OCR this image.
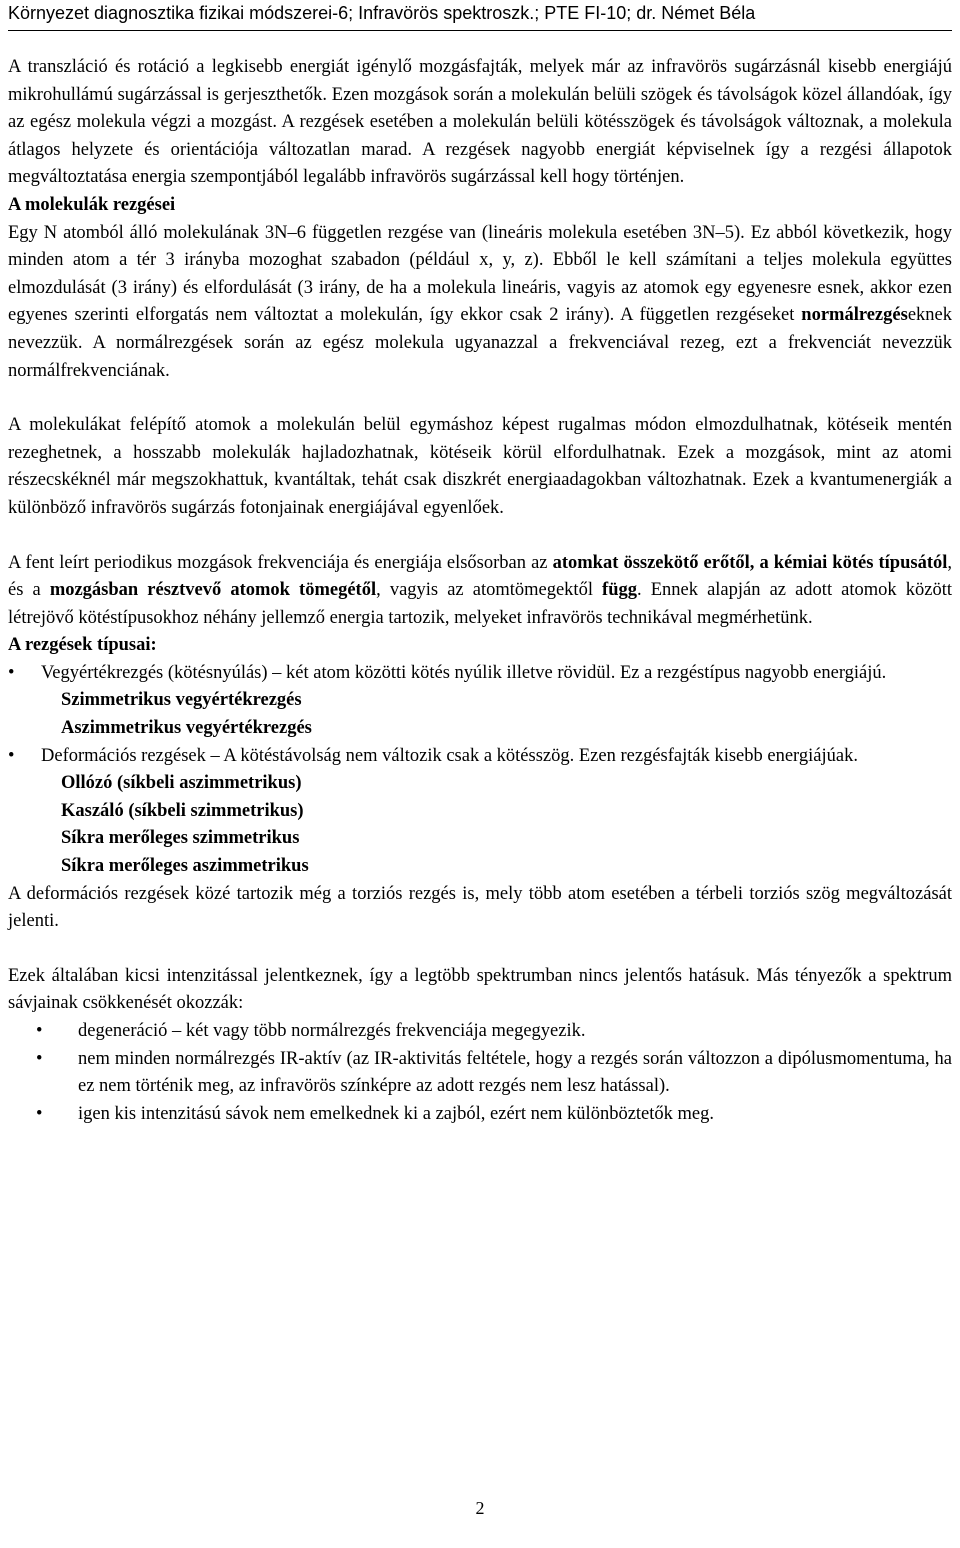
Környezet diagnosztika fizikai módszerei-6; Infravörös spektroszk.; PTE FI-10; dr. Német Béla

A transzláció és rotáció a legkisebb energiát igénylő mozgásfajták, melyek már az infravörös sugárzásnál kisebb energiájú mikrohullámú sugárzással is gerjeszthetők. Ezen mozgások során a molekulán belüli szögek és távolságok közel állandóak, így az egész molekula végzi a mozgást. A rezgések esetében a molekulán belüli kötésszögek és távolságok változnak, a molekula átlagos helyzete és orientációja változatlan marad. A rezgések nagyobb energiát képviselnek így a rezgési állapotok megváltoztatása energia szempontjából legalább infravörös sugárzással kell hogy történjen.

A molekulák rezgései

Egy N atomból álló molekulának 3N–6 független rezgése van (lineáris molekula esetében 3N–5). Ez abból következik, hogy minden atom a tér 3 irányba mozoghat szabadon (például x, y, z). Ebből le kell számítani a teljes molekula együttes elmozdulását (3 irány) és elfordulását (3 irány, de ha a molekula lineáris, vagyis az atomok egy egyenesre esnek, akkor ezen egyenes szerinti elforgatás nem változtat a molekulán, így ekkor csak 2 irány). A független rezgéseket normálrezgéseknek nevezzük. A normálrezgések során az egész molekula ugyanazzal a frekvenciával rezeg, ezt a frekvenciát nevezzük normálfrekvenciának.

A molekulákat felépítő atomok a molekulán belül egymáshoz képest rugalmas módon elmozdulhatnak, kötéseik mentén rezeghetnek, a hosszabb molekulák hajladozhatnak, kötéseik körül elfordulhatnak. Ezek a mozgások, mint az atomi részecskéknél már megszokhattuk, kvantáltak, tehát csak diszkrét energiaadagokban változhatnak. Ezek a kvantumenergiák a különböző infravörös sugárzás fotonjainak energiájával egyenlőek.

A fent leírt periodikus mozgások frekvenciája és energiája elsősorban az atomkat összekötő erőtől, a kémiai kötés típusától, és a mozgásban résztvevő atomok tömegétől, vagyis az atomtömegektől függ. Ennek alapján az adott atomok között létrejövő kötéstípusokhoz néhány jellemző energia tartozik, melyeket infravörös technikával megmérhetünk.

A rezgések típusai:

• Vegyértékrezgés (kötésnyúlás) – két atom közötti kötés nyúlik illetve rövidül. Ez a rezgéstípus nagyobb energiájú.

Szimmetrikus vegyértékrezgés

Aszimmetrikus vegyértékrezgés

• Deformációs rezgések – A kötéstávolság nem változik csak a kötésszög. Ezen rezgésfajták kisebb energiájúak.

Ollózó (síkbeli aszimmetrikus)

Kaszáló (síkbeli szimmetrikus)

Síkra merőleges szimmetrikus

Síkra merőleges aszimmetrikus

A deformációs rezgések közé tartozik még a torziós rezgés is, mely több atom esetében a térbeli torziós szög megváltozását jelenti.

Ezek általában kicsi intenzitással jelentkeznek, így a legtöbb spektrumban nincs jelentős hatásuk. Más tényezők a spektrum sávjainak csökkenését okozzák:

• degeneráció – két vagy több normálrezgés frekvenciája megegyezik.
• nem minden normálrezgés IR-aktív (az IR-aktivitás feltétele, hogy a rezgés során változzon a dipólusmomentuma, ha ez nem történik meg, az infravörös színképre az adott rezgés nem lesz hatással).
• igen kis intenzitású sávok nem emelkednek ki a zajból, ezért nem különböztetők meg.
2
